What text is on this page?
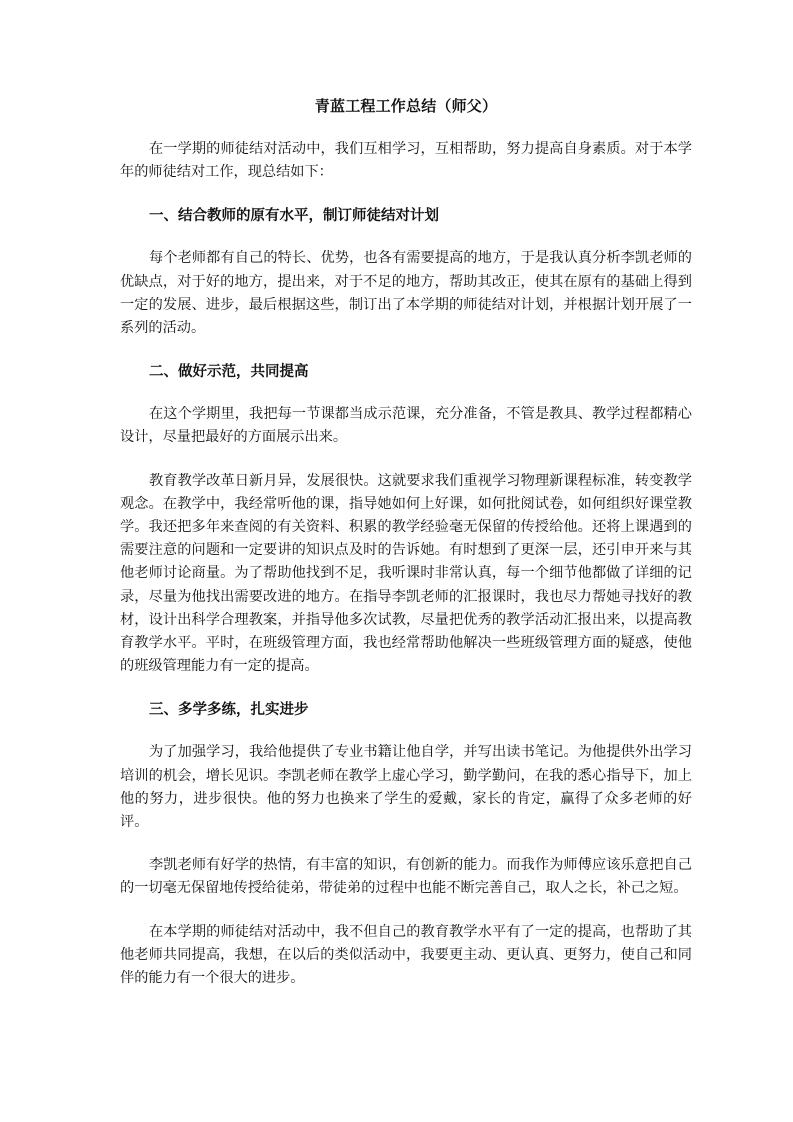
青蓝工程工作总结（师父）

在一学期的师徒结对活动中，我们互相学习，互相帮助，努力提高自身素质。对于本学年的师徒结对工作，现总结如下：

一、结合教师的原有水平，制订师徒结对计划

每个老师都有自己的特长、优势，也各有需要提高的地方，于是我认真分析李凯老师的优缺点，对于好的地方，提出来，对于不足的地方，帮助其改正，使其在原有的基础上得到一定的发展、进步，最后根据这些，制订出了本学期的师徒结对计划，并根据计划开展了一系列的活动。

二、做好示范，共同提高

在这个学期里，我把每一节课都当成示范课，充分准备，不管是教具、教学过程都精心设计，尽量把最好的方面展示出来。

教育教学改革日新月异，发展很快。这就要求我们重视学习物理新课程标准，转变教学观念。在教学中，我经常听他的课，指导她如何上好课，如何批阅试卷，如何组织好课堂教学。我还把多年来查阅的有关资料、积累的教学经验毫无保留的传授给他。还将上课遇到的需要注意的问题和一定要讲的知识点及时的告诉她。有时想到了更深一层，还引申开来与其他老师讨论商量。为了帮助他找到不足，我听课时非常认真，每一个细节他都做了详细的记录，尽量为他找出需要改进的地方。在指导李凯老师的汇报课时，我也尽力帮她寻找好的教材，设计出科学合理教案，并指导他多次试教，尽量把优秀的教学活动汇报出来，以提高教育教学水平。平时，在班级管理方面，我也经常帮助他解决一些班级管理方面的疑惑，使他的班级管理能力有一定的提高。

三、多学多练，扎实进步

为了加强学习，我给他提供了专业书籍让他自学，并写出读书笔记。为他提供外出学习培训的机会，增长见识。李凯老师在教学上虚心学习，勤学勤问，在我的悉心指导下，加上他的努力，进步很快。他的努力也换来了学生的爱戴，家长的肯定，赢得了众多老师的好评。

李凯老师有好学的热情，有丰富的知识，有创新的能力。而我作为师傅应该乐意把自己的一切毫无保留地传授给徒弟，带徒弟的过程中也能不断完善自己，取人之长，补己之短。

在本学期的师徒结对活动中，我不但自己的教育教学水平有了一定的提高，也帮助了其他老师共同提高，我想，在以后的类似活动中，我要更主动、更认真、更努力，使自己和同伴的能力有一个很大的进步。
